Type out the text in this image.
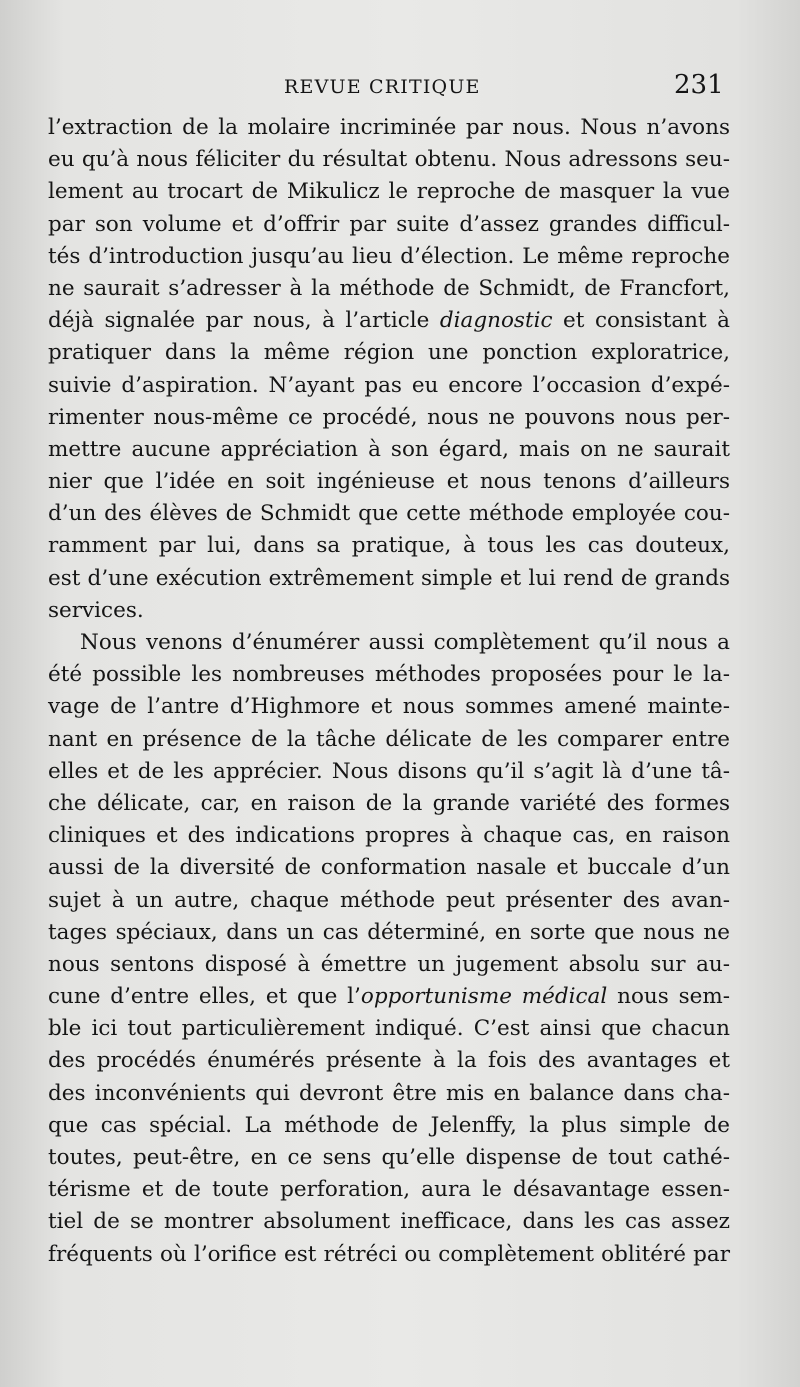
REVUE CRITIQUE	231
l’extraction de la molaire incriminée par nous. Nous n’avons
eu qu’à nous féliciter du résultat obtenu. Nous adressons seu-
lement au trocart de Mikulicz le reproche de masquer la vue
par son volume et d’offrir par suite d’assez grandes difficul-
tés d’introduction jusqu’au lieu d’élection. Le même reproche
ne saurait s’adresser à la méthode de Schmidt, de Francfort,
déjà signalée par nous, à l’article diagnostic et consistant à
pratiquer dans la même région une ponction exploratrice,
suivie d’aspiration. N’ayant pas eu encore l’occasion d’expé-
rimenter nous-même ce procédé, nous ne pouvons nous per-
mettre aucune appréciation à son égard, mais on ne saurait
nier que l’idée en soit ingénieuse et nous tenons d’ailleurs
d’un des élèves de Schmidt que cette méthode employée cou-
ramment par lui, dans sa pratique, à tous les cas douteux,
est d’une exécution extrêmement simple et lui rend de grands
services.
Nous venons d’énumérer aussi complètement qu’il nous a
été possible les nombreuses méthodes proposées pour le la-
vage de l’antre d’Highmore et nous sommes amené mainte-
nant en présence de la tâche délicate de les comparer entre
elles et de les apprécier. Nous disons qu’il s’agit là d’une tâ-
che délicate, car, en raison de la grande variété des formes
cliniques et des indications propres à chaque cas, en raison
aussi de la diversité de conformation nasale et buccale d’un
sujet à un autre, chaque méthode peut présenter des avan-
tages spéciaux, dans un cas déterminé, en sorte que nous ne
nous sentons disposé à émettre un jugement absolu sur au-
cune d’entre elles, et que l’opportunisme médical nous sem-
ble ici tout particulièrement indiqué. C’est ainsi que chacun
des procédés énumérés présente à la fois des avantages et
des inconvénients qui devront être mis en balance dans cha-
que cas spécial. La méthode de Jelenffy, la plus simple de
toutes, peut-être, en ce sens qu’elle dispense de tout cathé-
térisme et de toute perforation, aura le désavantage essen-
tiel de se montrer absolument inefficace, dans les cas assez
fréquents où l’orifice est rétréci ou complètement oblitéré par
